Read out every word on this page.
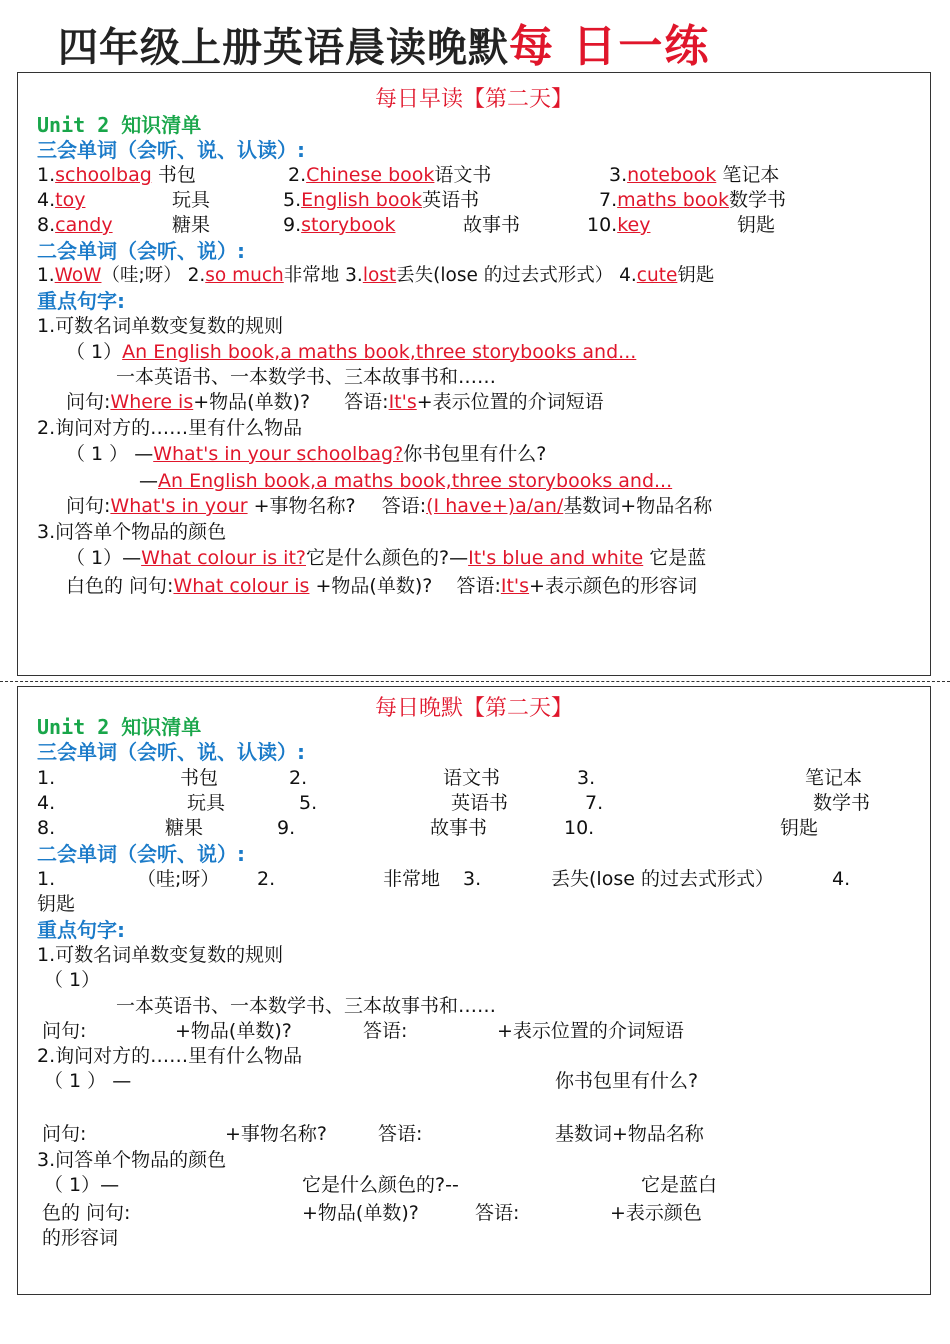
四年级上册英语晨读晚默每 日一练
每日早读【第二天】
Unit 2 知识清单
三会单词（会听、说、认读）:
1.schoolbag 书包	2.Chinese book语文书	3.notebook 笔记本
4.toy	玩具	5.English book英语书	7.maths book数学书
8.candy	糖果	9.storybook	故事书	10.key	钥匙
二会单词（会听、说）:
1.WoW（哇;呀） 2.so much非常地 3.lost丢失(lose 的过去式形式） 4.cute钥匙
重点句字:
1.可数名词单数变复数的规则
（ 1）An English book,a maths book,three storybooks and...
一本英语书、一本数学书、三本故事书和……
问句:Where is+物品(单数)? 答语:It's+表示位置的介词短语
2.询问对方的……里有什么物品
（ 1 ） —What's in your schoolbag?你书包里有什么?
—An English book,a maths book,three storybooks and...
问句:What's in your +事物名称? 答语:(I have+)a/an/基数词+物品名称
3.问答单个物品的颜色
（ 1）—What colour is it?它是什么颜色的?—It's blue and white 它是蓝
白色的 问句:What colour is +物品(单数)? 答语:It's+表示颜色的形容词
每日晚默【第二天】
Unit 2 知识清单
三会单词（会听、说、认读）:
1.	书包	2.	语文书	3.	笔记本
4.	玩具	5.	英语书	7.	数学书
8.	糖果	9.	故事书	10.	钥匙
二会单词（会听、说）:
1.	（哇;呀） 2.	非常地 3.	丢失(lose 的过去式形式）	4.
钥匙
重点句字:
1.可数名词单数变复数的规则
（ 1）
一本英语书、一本数学书、三本故事书和……
问句:	+物品(单数)?	答语:	+表示位置的介词短语
2.询问对方的……里有什么物品
（ 1 ） —	你书包里有什么?
问句:	+事物名称?	答语:	基数词+物品名称
3.问答单个物品的颜色
（ 1）—	它是什么颜色的?--	它是蓝白
色的 问句:	+物品(单数)?	答语:	+表示颜色
的形容词
